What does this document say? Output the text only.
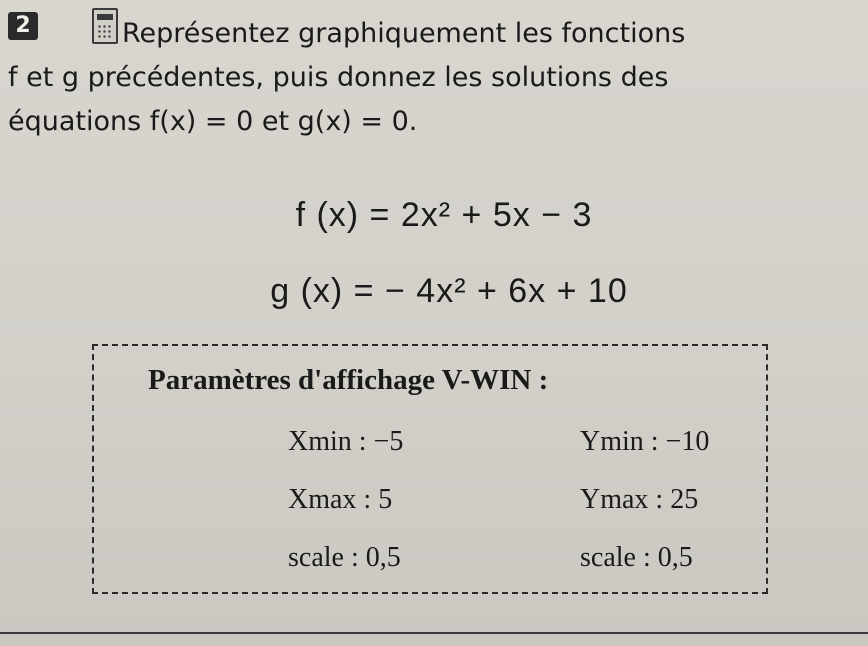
2	Représentez graphiquement les fonctions
f et g précédentes, puis donnez les solutions des
équations f(x) = 0 et g(x) = 0.
f (x) = 2x² + 5x − 3
g (x) = − 4x² + 6x + 10
Paramètres d'affichage V-WIN :
Xmin : −5
Xmax : 5
scale : 0,5
Ymin : −10
Ymax : 25
scale : 0,5
